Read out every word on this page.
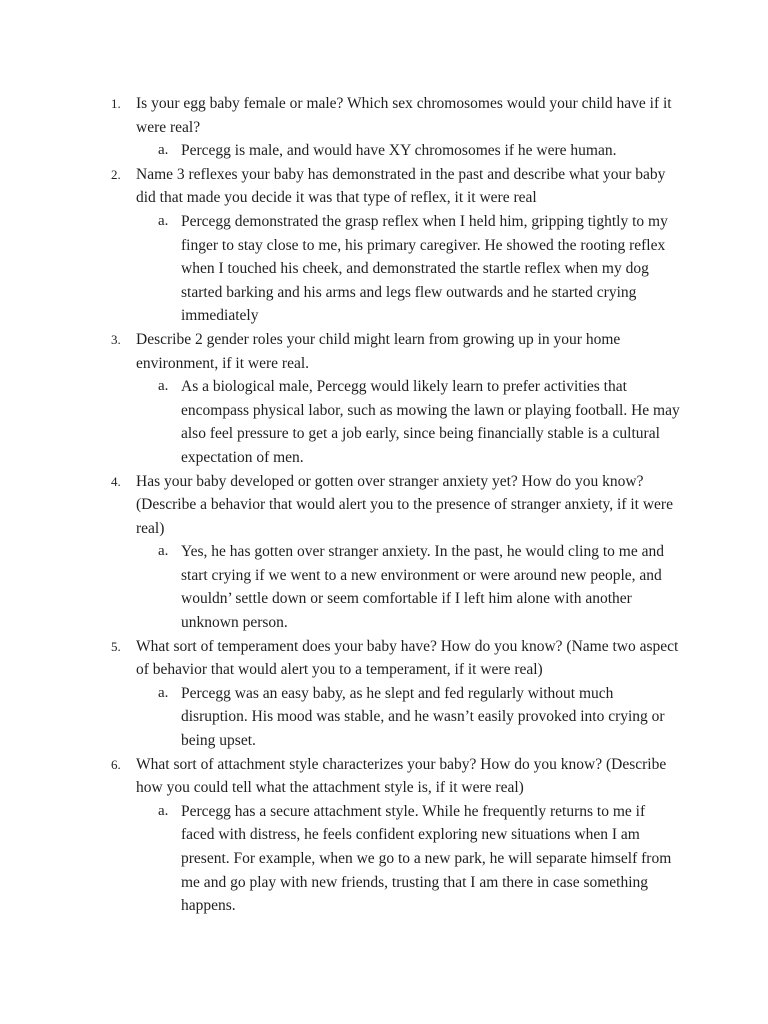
1. Is your egg baby female or male? Which sex chromosomes would your child have if it were real?
a. Percegg is male, and would have XY chromosomes if he were human.
2. Name 3 reflexes your baby has demonstrated in the past and describe what your baby did that made you decide it was that type of reflex, it it were real
a. Percegg demonstrated the grasp reflex when I held him, gripping tightly to my finger to stay close to me, his primary caregiver. He showed the rooting reflex when I touched his cheek, and demonstrated the startle reflex when my dog started barking and his arms and legs flew outwards and he started crying immediately
3. Describe 2 gender roles your child might learn from growing up in your home environment, if it were real.
a. As a biological male, Percegg would likely learn to prefer activities that encompass physical labor, such as mowing the lawn or playing football. He may also feel pressure to get a job early, since being financially stable is a cultural expectation of men.
4. Has your baby developed or gotten over stranger anxiety yet? How do you know? (Describe a behavior that would alert you to the presence of stranger anxiety, if it were real)
a. Yes, he has gotten over stranger anxiety. In the past, he would cling to me and start crying if we went to a new environment or were around new people, and wouldn’ settle down or seem comfortable if I left him alone with another unknown person.
5. What sort of temperament does your baby have? How do you know? (Name two aspect of behavior that would alert you to a temperament, if it were real)
a. Percegg was an easy baby, as he slept and fed regularly without much disruption. His mood was stable, and he wasn’t easily provoked into crying or being upset.
6. What sort of attachment style characterizes your baby? How do you know? (Describe how you could tell what the attachment style is, if it were real)
a. Percegg has a secure attachment style. While he frequently returns to me if faced with distress, he feels confident exploring new situations when I am present. For example, when we go to a new park, he will separate himself from me and go play with new friends, trusting that I am there in case something happens.
